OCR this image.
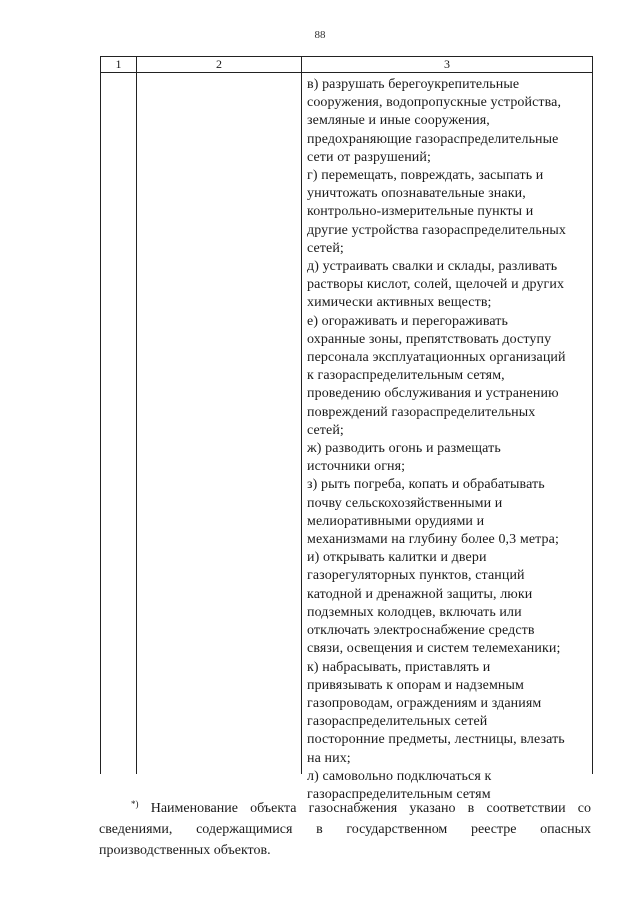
88
1	2	3
в) разрушать берегоукрепительные
сооружения, водопропускные устройства,
земляные и иные сооружения,
предохраняющие газораспределительные
сети от разрушений;
г) перемещать, повреждать, засыпать и
уничтожать опознавательные знаки,
контрольно-измерительные пункты и
другие устройства газораспределительных
сетей;
д) устраивать свалки и склады, разливать
растворы кислот, солей, щелочей и других
химически активных веществ;
е) огораживать и перегораживать
охранные зоны, препятствовать доступу
персонала эксплуатационных организаций
к газораспределительным сетям,
проведению обслуживания и устранению
повреждений газораспределительных
сетей;
ж) разводить огонь и размещать
источники огня;
з) рыть погреба, копать и обрабатывать
почву сельскохозяйственными и
мелиоративными орудиями и
механизмами на глубину более 0,3 метра;
и) открывать калитки и двери
газорегуляторных пунктов, станций
катодной и дренажной защиты, люки
подземных колодцев, включать или
отключать электроснабжение средств
связи, освещения и систем телемеханики;
к) набрасывать, приставлять и
привязывать к опорам и надземным
газопроводам, ограждениям и зданиям
газораспределительных сетей
посторонние предметы, лестницы, влезать
на них;
л) самовольно подключаться к
газораспределительным сетям
*) Наименование объекта газоснабжения указано в соответствии со
сведениями, содержащимися в государственном реестре опасных
производственных объектов.
